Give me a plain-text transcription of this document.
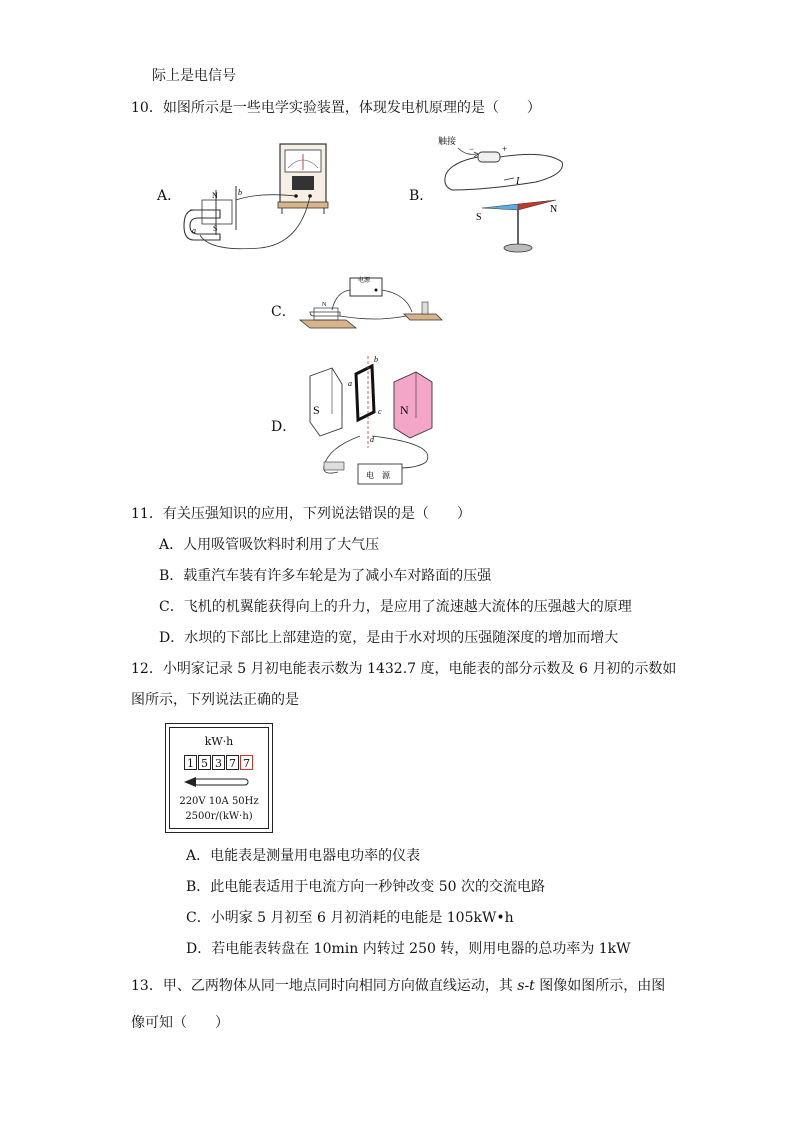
际上是电信号
10．如图所示是一些电学实验装置，体现发电机原理的是（　　）
A．	N
S
a
b	B．
触接
−	+
I
S
N
C．
电源
N
D．
S	N
b
a
c
d
电　源
11．有关压强知识的应用，下列说法错误的是（　　）
A．人用吸管吸饮料时利用了大气压
B．载重汽车装有许多车轮是为了减小车对路面的压强
C．飞机的机翼能获得向上的升力，是应用了流速越大流体的压强越大的原理
D．水坝的下部比上部建造的宽，是由于水对坝的压强随深度的增加而增大
12．小明家记录 5 月初电能表示数为 1432.7 度，电能表的部分示数及 6 月初的示数如
图所示，下列说法正确的是
kW·h
1 5 3 7 7
220V 10A 50Hz
2500r/(kW·h)
A．电能表是测量用电器电功率的仪表
B．此电能表适用于电流方向一秒钟改变 50 次的交流电路
C．小明家 5 月初至 6 月初消耗的电能是 105kW•h
D．若电能表转盘在 10min 内转过 250 转，则用电器的总功率为 1kW
13．甲、乙两物体从同一地点同时向相同方向做直线运动，其 s-t 图像如图所示，由图
像可知（　　）
